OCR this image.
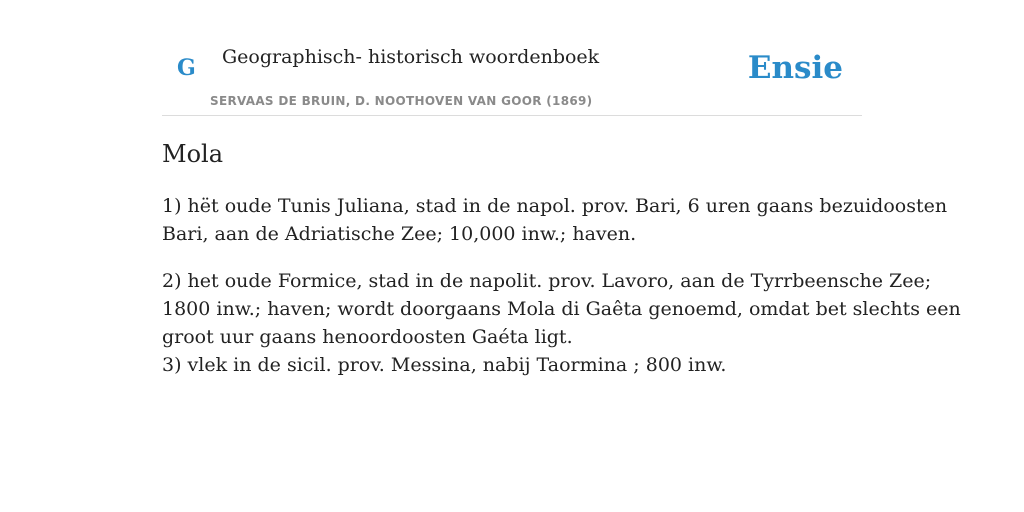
G Geographisch- historisch woordenboek
SERVAAS DE BRUIN, D. NOOTHOVEN VAN GOOR (1869)
Ensie
Mola

1) hët oude Tunis Juliana, stad in de napol. prov. Bari, 6 uren gaans bezuidoosten
Bari, aan de Adriatische Zee; 10,000 inw.; haven.

2) het oude Formice, stad in de napolit. prov. Lavoro, aan de Tyrrbeensche Zee;
1800 inw.; haven; wordt doorgaans Mola di Gaêta genoemd, omdat bet slechts een
groot uur gaans henoordoosten Gaéta ligt.
3) vlek in de sicil. prov. Messina, nabij Taormina ; 800 inw.
